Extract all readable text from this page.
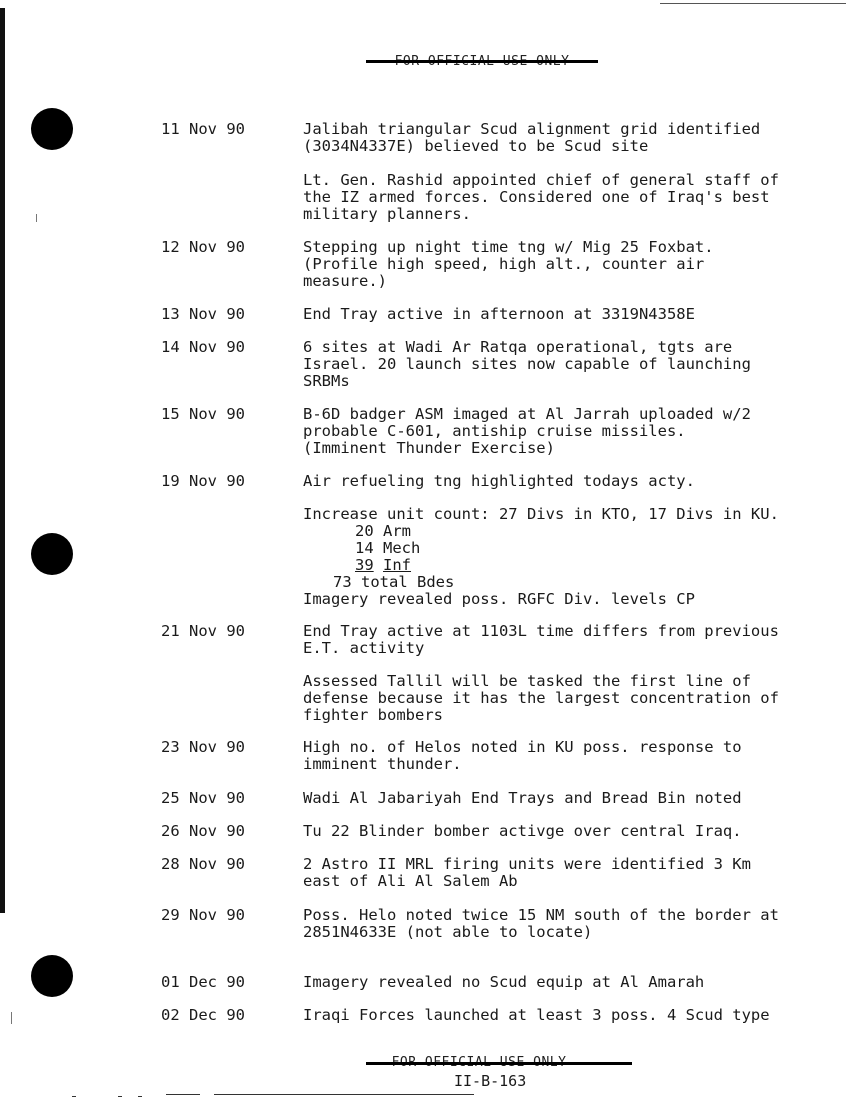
11 Nov 90	Jalibah triangular Scud alignment grid identified
(3034N4337E) believed to be Scud site
Lt. Gen. Rashid appointed chief of general staff of
the IZ armed forces. Considered one of Iraq's best
military planners.
12 Nov 90	Stepping up night time tng w/ Mig 25 Foxbat.
(Profile high speed, high alt., counter air
measure.)
13 Nov 90	End Tray active in afternoon at 3319N4358E
14 Nov 90	6 sites at Wadi Ar Ratqa operational, tgts are
Israel. 20 launch sites now capable of launching
SRBMs
15 Nov 90	B-6D badger ASM imaged at Al Jarrah uploaded w/2
probable C-601, antiship cruise missiles.
(Imminent Thunder Exercise)
19 Nov 90	Air refueling tng highlighted todays acty.
Increase unit count: 27 Divs in KTO, 17 Divs in KU.
20 Arm
14 Mech
39 Inf
73 total Bdes
Imagery revealed poss. RGFC Div. levels CP
21 Nov 90	End Tray active at 1103L time differs from previous
E.T. activity
Assessed Tallil will be tasked the first line of
defense because it has the largest concentration of
fighter bombers
23 Nov 90	High no. of Helos noted in KU poss. response to
imminent thunder.
25 Nov 90	Wadi Al Jabariyah End Trays and Bread Bin noted
26 Nov 90	Tu 22 Blinder bomber activge over central Iraq.
28 Nov 90	2 Astro II MRL firing units were identified 3 Km
east of Ali Al Salem Ab
29 Nov 90	Poss. Helo noted twice 15 NM south of the border at
2851N4633E (not able to locate)
01 Dec 90	Imagery revealed no Scud equip at Al Amarah
02 Dec 90	Iraqi Forces launched at least 3 poss. 4 Scud type
II-B-163
